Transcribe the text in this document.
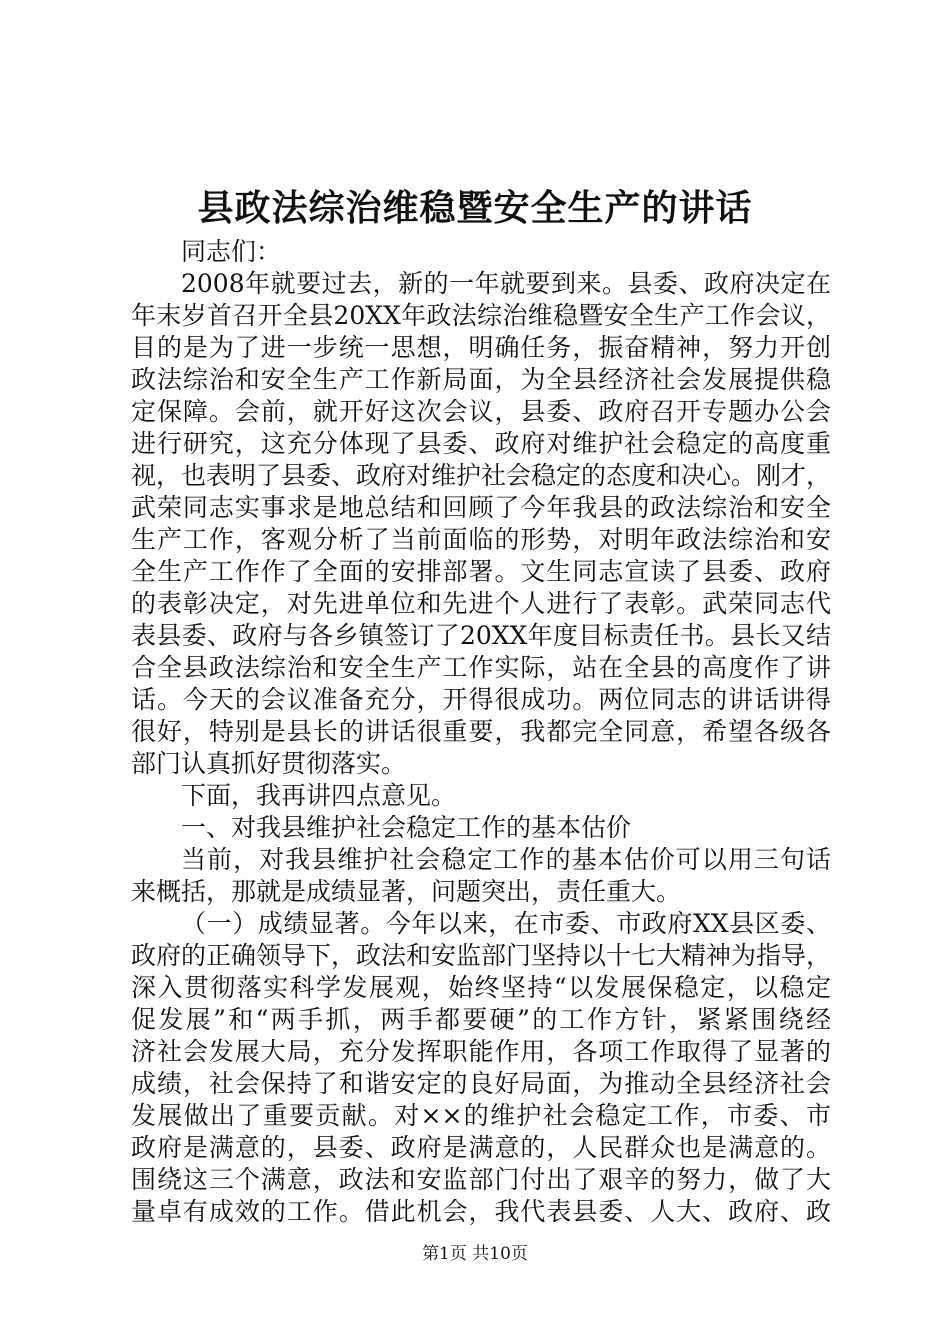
县政法综治维稳暨安全生产的讲话
同志们：
2008年就要过去，新的一年就要到来。县委、政府决定在
年末岁首召开全县20XX年政法综治维稳暨安全生产工作会议，
目的是为了进一步统一思想，明确任务，振奋精神，努力开创
政法综治和安全生产工作新局面，为全县经济社会发展提供稳
定保障。会前，就开好这次会议，县委、政府召开专题办公会
进行研究，这充分体现了县委、政府对维护社会稳定的高度重
视，也表明了县委、政府对维护社会稳定的态度和决心。刚才，
武荣同志实事求是地总结和回顾了今年我县的政法综治和安全
生产工作，客观分析了当前面临的形势，对明年政法综治和安
全生产工作作了全面的安排部署。文生同志宣读了县委、政府
的表彰决定，对先进单位和先进个人进行了表彰。武荣同志代
表县委、政府与各乡镇签订了20XX年度目标责任书。县长又结
合全县政法综治和安全生产工作实际，站在全县的高度作了讲
话。今天的会议准备充分，开得很成功。两位同志的讲话讲得
很好，特别是县长的讲话很重要，我都完全同意，希望各级各
部门认真抓好贯彻落实。
下面，我再讲四点意见。
一、对我县维护社会稳定工作的基本估价
当前，对我县维护社会稳定工作的基本估价可以用三句话
来概括，那就是成绩显著，问题突出，责任重大。
（一）成绩显著。今年以来，在市委、市政府XX县区委、
政府的正确领导下，政法和安监部门坚持以十七大精神为指导，
深入贯彻落实科学发展观，始终坚持“以发展保稳定，以稳定
促发展”和“两手抓，两手都要硬”的工作方针，紧紧围绕经
济社会发展大局，充分发挥职能作用，各项工作取得了显著的
成绩，社会保持了和谐安定的良好局面，为推动全县经济社会
发展做出了重要贡献。对××的维护社会稳定工作，市委、市
政府是满意的，县委、政府是满意的，人民群众也是满意的。
围绕这三个满意，政法和安监部门付出了艰辛的努力，做了大
量卓有成效的工作。借此机会，我代表县委、人大、政府、政
第1页 共10页
